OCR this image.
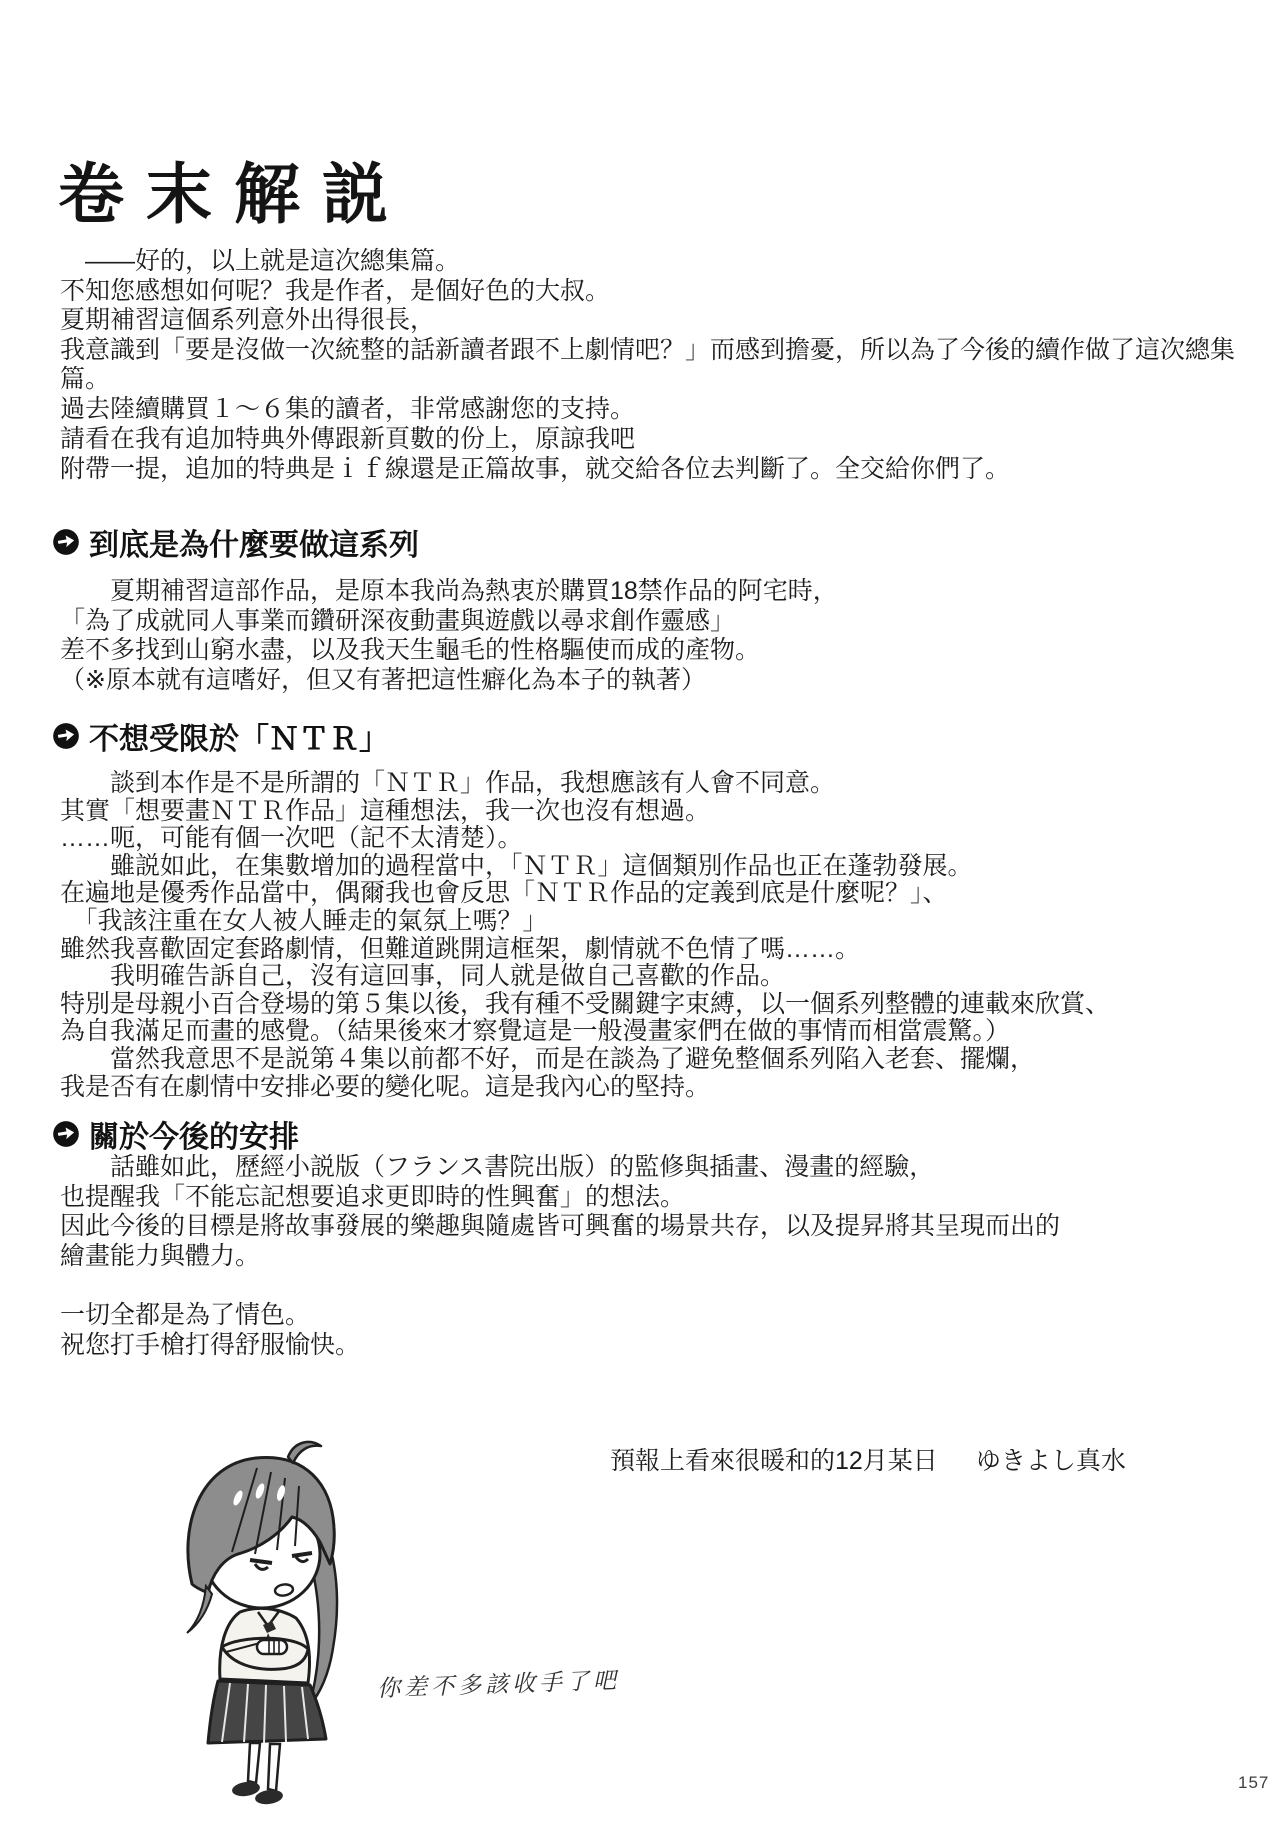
卷末解説
　——好的，以上就是這次總集篇。
不知您感想如何呢？我是作者，是個好色的大叔。
夏期補習這個系列意外出得很長，
我意識到「要是沒做一次統整的話新讀者跟不上劇情吧？」而感到擔憂，所以為了今後的續作做了這次總集篇。
過去陸續購買１～６集的讀者，非常感謝您的支持。
請看在我有追加特典外傳跟新頁數的份上，原諒我吧
附帶一提，追加的特典是ｉｆ線還是正篇故事，就交給各位去判斷了。全交給你們了。
到底是為什麼要做這系列
　　夏期補習這部作品，是原本我尚為熱衷於購買18禁作品的阿宅時，
「為了成就同人事業而鑽研深夜動畫與遊戲以尋求創作靈感」
差不多找到山窮水盡，以及我天生龜毛的性格驅使而成的產物。
（※原本就有這嗜好，但又有著把這性癖化為本子的執著）
不想受限於「ＮＴＲ」
　　談到本作是不是所謂的「ＮＴＲ」作品，我想應該有人會不同意。
其實「想要畫ＮＴＲ作品」這種想法，我一次也沒有想過。
……呃，可能有個一次吧（記不太清楚）。
　　雖説如此，在集數增加的過程當中，「ＮＴＲ」這個類別作品也正在蓬勃發展。
在遍地是優秀作品當中，偶爾我也會反思「ＮＴＲ作品的定義到底是什麼呢？」、
　「我該注重在女人被人睡走的氣氛上嗎？」
雖然我喜歡固定套路劇情，但難道跳開這框架，劇情就不色情了嗎……。
　　我明確告訴自己，沒有這回事，同人就是做自己喜歡的作品。
特別是母親小百合登場的第５集以後，我有種不受關鍵字束縛，以一個系列整體的連載來欣賞、
為自我滿足而畫的感覺。（結果後來才察覺這是一般漫畫家們在做的事情而相當震驚。）
　　當然我意思不是説第４集以前都不好，而是在談為了避免整個系列陷入老套、擺爛，
我是否有在劇情中安排必要的變化呢。這是我內心的堅持。
關於今後的安排
　　話雖如此，歷經小説版（フランス書院出版）的監修與插畫、漫畫的經驗，
也提醒我「不能忘記想要追求更即時的性興奮」的想法。
因此今後的目標是將故事發展的樂趣與隨處皆可興奮的場景共存，以及提昇將其呈現而出的
繪畫能力與體力。
一切全都是為了情色。
祝您打手槍打得舒服愉快。
預報上看來很暖和的12月某日 ゆきよし真水
你差不多該收手了吧
157
